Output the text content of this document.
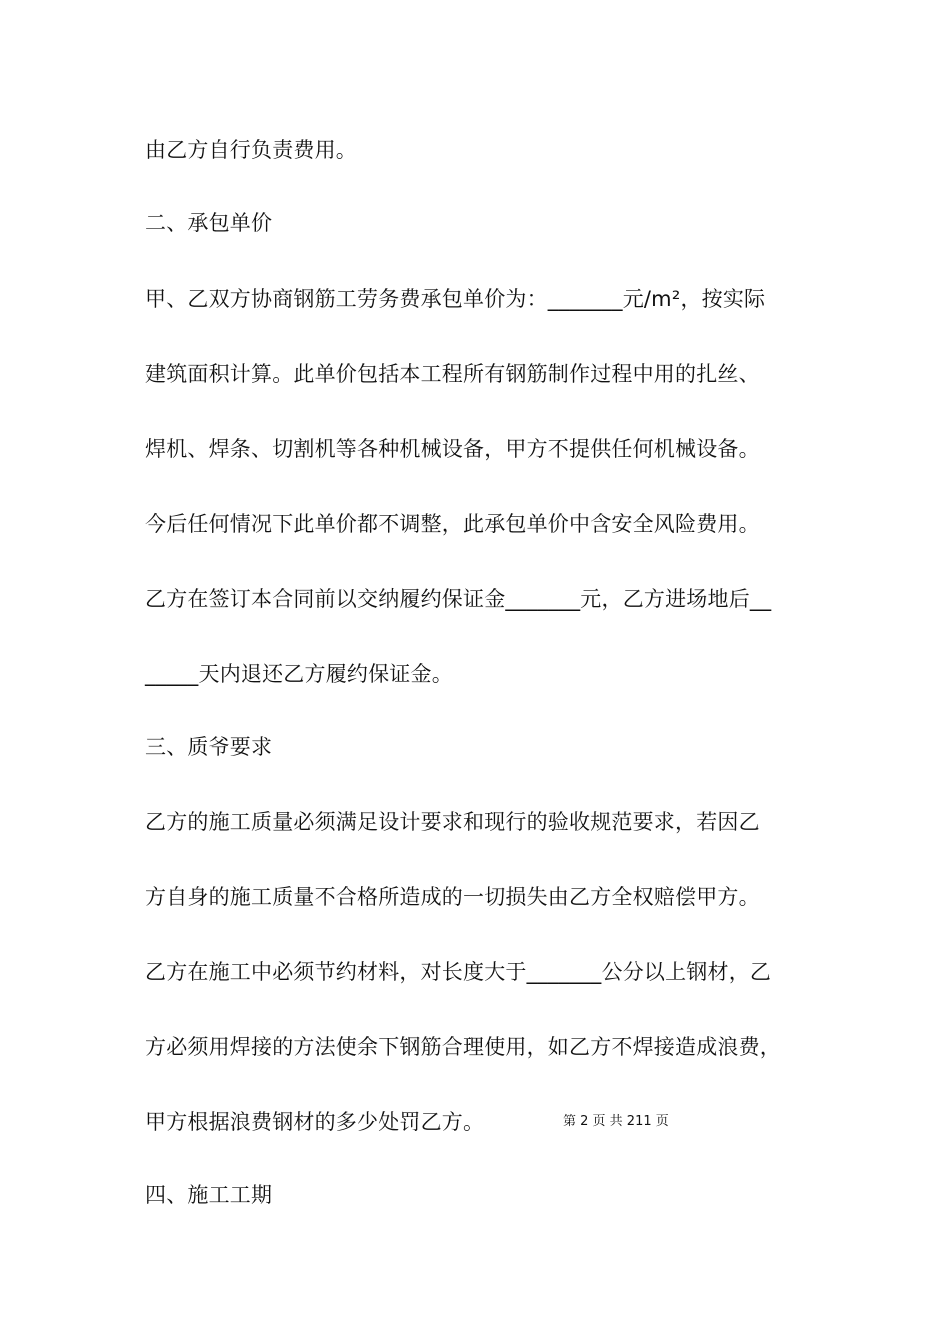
由乙方自行负责费用。
二、承包单价
甲、乙双方协商钢筋工劳务费承包单价为：_______元/m²，按实际
建筑面积计算。此单价包括本工程所有钢筋制作过程中用的扎丝、
焊机、焊条、切割机等各种机械设备，甲方不提供任何机械设备。
今后任何情况下此单价都不调整，此承包单价中含安全风险费用。
乙方在签订本合同前以交纳履约保证金_______元，乙方进场地后__
_____天内退还乙方履约保证金。
三、质爷要求
乙方的施工质量必须满足设计要求和现行的验收规范要求，若因乙
方自身的施工质量不合格所造成的一切损失由乙方全权赔偿甲方。
乙方在施工中必须节约材料，对长度大于_______公分以上钢材，乙
方必须用焊接的方法使余下钢筋合理使用，如乙方不焊接造成浪费，
甲方根据浪费钢材的多少处罚乙方。
四、施工工期
第 2 页 共 211 页
